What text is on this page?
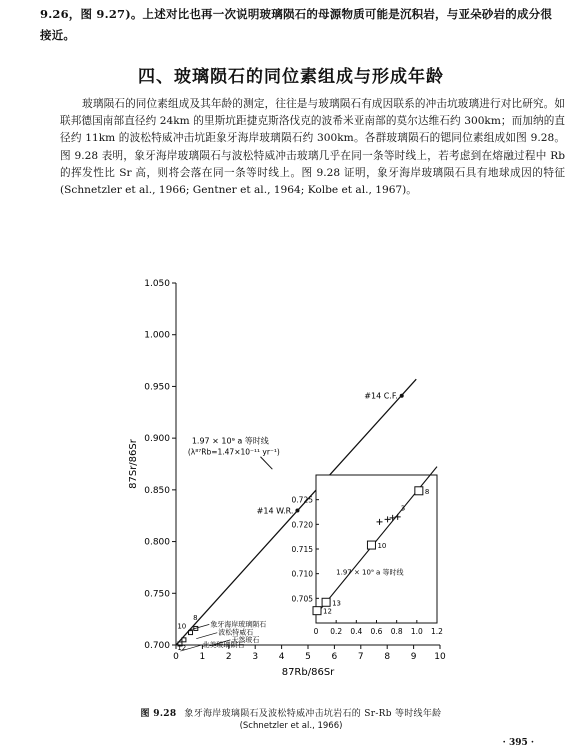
9.26，图 9.27)。上述对比也再一次说明玻璃陨石的母源物质可能是沉积岩，与亚朵砂岩的成分很接近。
四、玻璃陨石的同位素组成与形成年龄
玻璃陨石的同位素组成及其年龄的测定，往往是与玻璃陨石有成因联系的冲击坑玻璃进行对比研究。如联邦德国南部直径约 24km 的里斯坑距捷克斯洛伐克的波希米亚南部的莫尔达维石约 300km；而加纳的直径约 11km 的波松特威冲击坑距象牙海岸玻璃陨石约 300km。各群玻璃陨石的锶同位素组成如图 9.28。图 9.28 表明，象牙海岸玻璃陨石与波松特威冲击玻璃几乎在同一条等时线上，若考虑到在熔融过程中 Rb 的挥发性比 Sr 高，则将会落在同一条等时线上。图 9.28 证明，象牙海岸玻璃陨石具有地球成因的特征 (Schnetzler et al., 1966; Gentner et al., 1964; Kolbe et al., 1967)。
0.700
0.750
0.800
0.850
0.900
0.950
1.000
1.050
0 1 2 3 4 5 6 7 8 9 10
87Sr/86Sr
87Rb/86Sr
1.97 × 10⁹ a 等时线
(λ⁸⁷Rb=1.47×10⁻¹¹ yr⁻¹)
#14 C.F.
#14 W.R.
象牙海岸玻璃陨石
波松特威石
天然玻石
北美玻璃陨石
8
10
12
0.705
0.710
0.715
0.720
0.725
0 0.2 0.4 0.6 0.8 1.0 1.2
1.97 × 10⁹ a 等时线
8
10
13
12
3
图 9.28 象牙海岸玻璃陨石及波松特威冲击坑岩石的 Sr-Rb 等时线年龄
(Schnetzler et al., 1966)
· 395 ·
